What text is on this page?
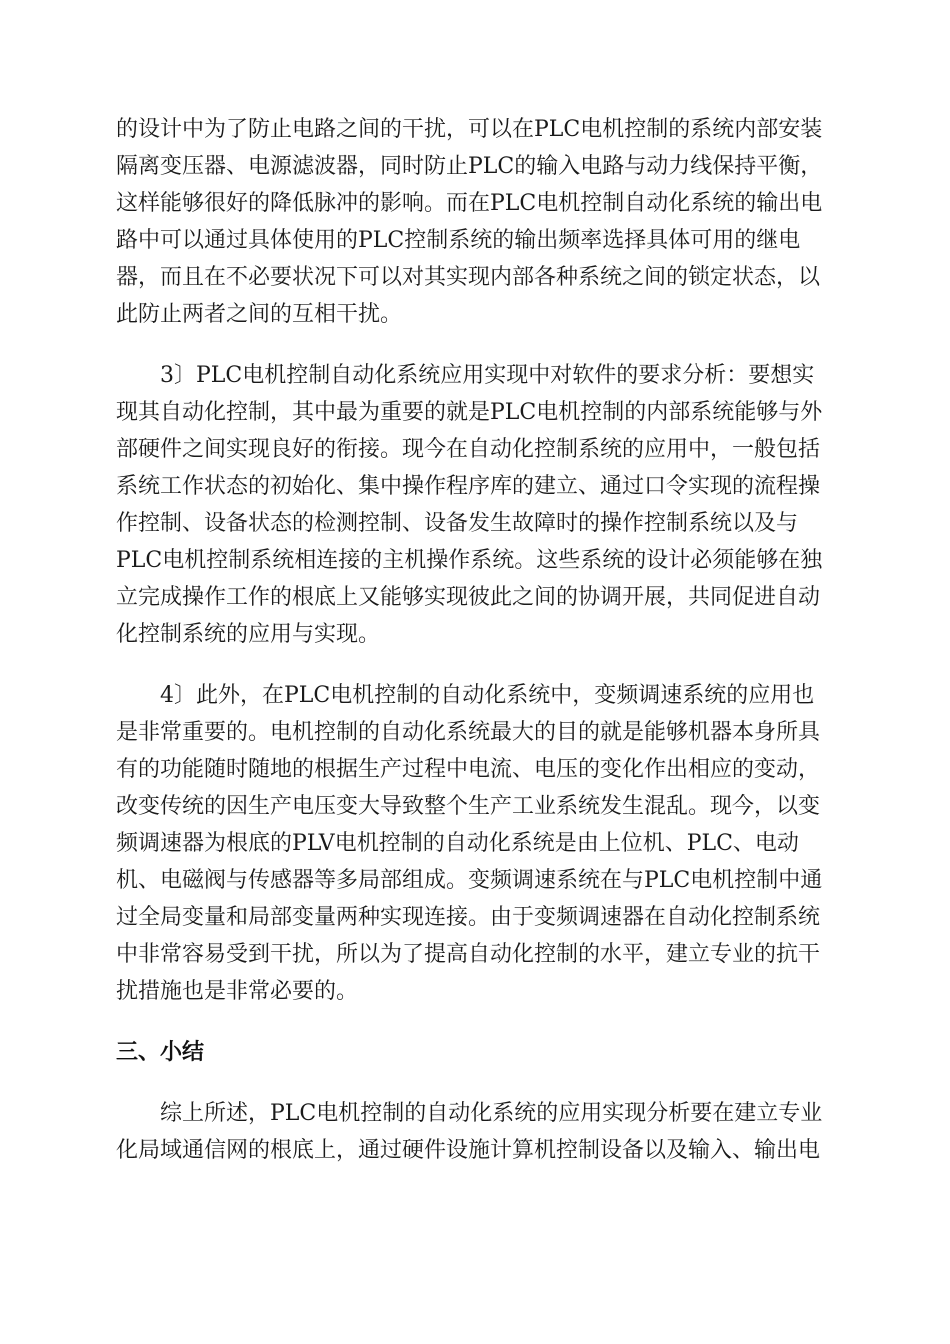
的设计中为了防止电路之间的干扰，可以在PLC电机控制的系统内部安装
隔离变压器、电源滤波器，同时防止PLC的输入电路与动力线保持平衡，
这样能够很好的降低脉冲的影响。而在PLC电机控制自动化系统的输出电
路中可以通过具体使用的PLC控制系统的输出频率选择具体可用的继电
器，而且在不必要状况下可以对其实现内部各种系统之间的锁定状态，以
此防止两者之间的互相干扰。
3〕PLC电机控制自动化系统应用实现中对软件的要求分析：要想实
现其自动化控制，其中最为重要的就是PLC电机控制的内部系统能够与外
部硬件之间实现良好的衔接。现今在自动化控制系统的应用中，一般包括
系统工作状态的初始化、集中操作程序库的建立、通过口令实现的流程操
作控制、设备状态的检测控制、设备发生故障时的操作控制系统以及与
PLC电机控制系统相连接的主机操作系统。这些系统的设计必须能够在独
立完成操作工作的根底上又能够实现彼此之间的协调开展，共同促进自动
化控制系统的应用与实现。
4〕此外，在PLC电机控制的自动化系统中，变频调速系统的应用也
是非常重要的。电机控制的自动化系统最大的目的就是能够机器本身所具
有的功能随时随地的根据生产过程中电流、电压的变化作出相应的变动，
改变传统的因生产电压变大导致整个生产工业系统发生混乱。现今，以变
频调速器为根底的PLV电机控制的自动化系统是由上位机、PLC、电动
机、电磁阀与传感器等多局部组成。变频调速系统在与PLC电机控制中通
过全局变量和局部变量两种实现连接。由于变频调速器在自动化控制系统
中非常容易受到干扰，所以为了提高自动化控制的水平，建立专业的抗干
扰措施也是非常必要的。
三、小结
综上所述，PLC电机控制的自动化系统的应用实现分析要在建立专业
化局域通信网的根底上，通过硬件设施计算机控制设备以及输入、输出电
